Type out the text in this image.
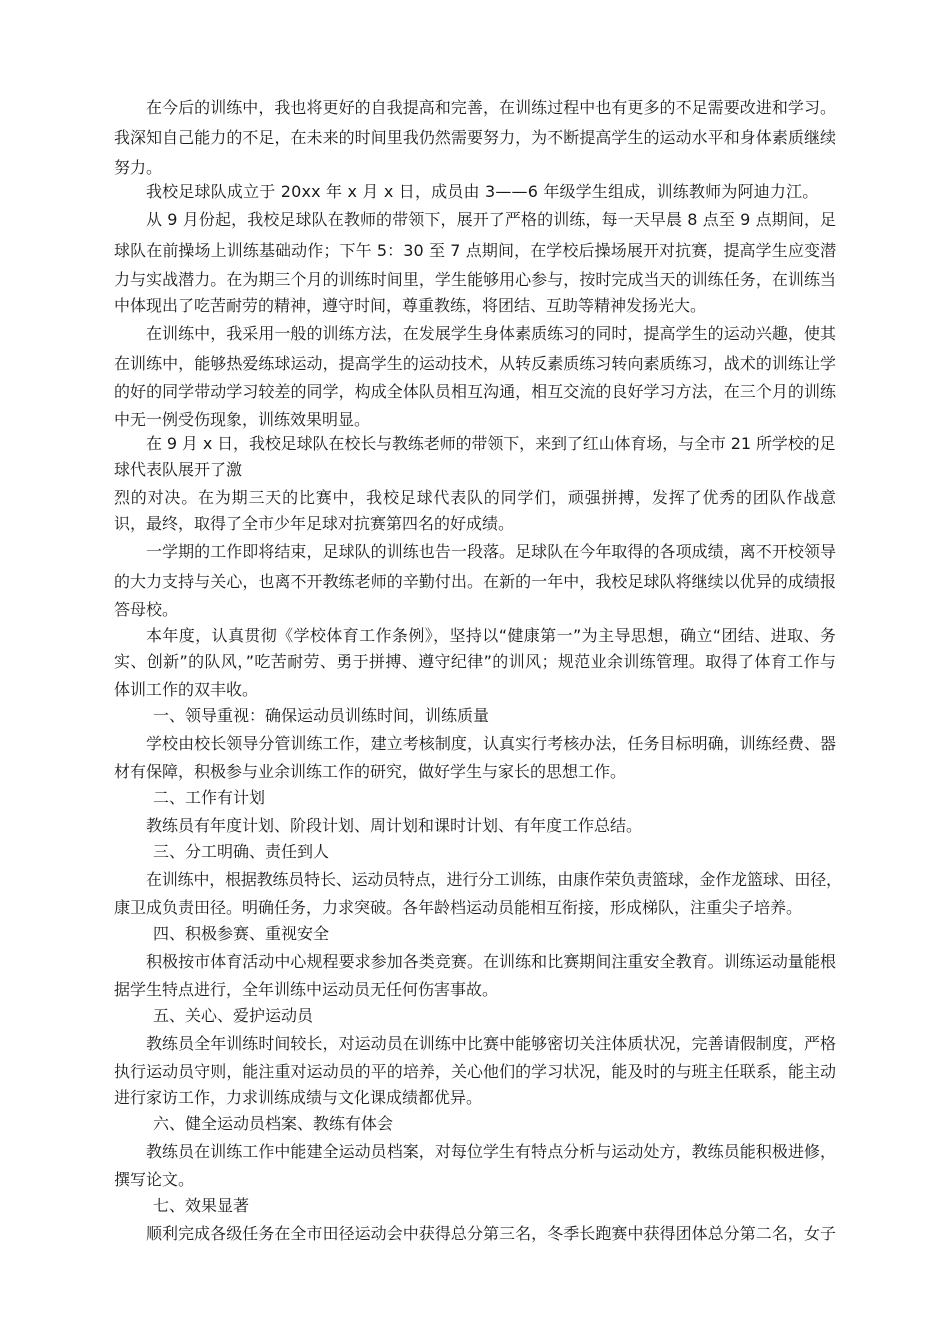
在今后的训练中，我也将更好的自我提高和完善，在训练过程中也有更多的不足需要改进和学习。
我深知自己能力的不足，在未来的时间里我仍然需要努力，为不断提高学生的运动水平和身体素质继续
努力。
我校足球队成立于 20xx 年 x 月 x 日，成员由 3——6 年级学生组成，训练教师为阿迪力江。
从 9 月份起，我校足球队在教师的带领下，展开了严格的训练，每一天早晨 8 点至 9 点期间，足
球队在前操场上训练基础动作；下午 5：30 至 7 点期间，在学校后操场展开对抗赛，提高学生应变潜
力与实战潜力。在为期三个月的训练时间里，学生能够用心参与，按时完成当天的训练任务，在训练当
中体现出了吃苦耐劳的精神，遵守时间，尊重教练，将团结、互助等精神发扬光大。
在训练中，我采用一般的训练方法，在发展学生身体素质练习的同时，提高学生的运动兴趣，使其
在训练中，能够热爱练球运动，提高学生的运动技术，从转反素质练习转向素质练习，战术的训练让学
的好的同学带动学习较差的同学，构成全体队员相互沟通，相互交流的良好学习方法，在三个月的训练
中无一例受伤现象，训练效果明显。
在 9 月 x 日，我校足球队在校长与教练老师的带领下，来到了红山体育场，与全市 21 所学校的足
球代表队展开了激
烈的对决。在为期三天的比赛中，我校足球代表队的同学们，顽强拼搏，发挥了优秀的团队作战意
识，最终，取得了全市少年足球对抗赛第四名的好成绩。
一学期的工作即将结束，足球队的训练也告一段落。足球队在今年取得的各项成绩，离不开校领导
的大力支持与关心，也离不开教练老师的辛勤付出。在新的一年中，我校足球队将继续以优异的成绩报
答母校。
本年度，认真贯彻《学校体育工作条例》，坚持以“健康第一”为主导思想，确立“团结、进取、务
实、创新”的队风，”吃苦耐劳、勇于拼搏、遵守纪律”的训风；规范业余训练管理。取得了体育工作与
体训工作的双丰收。
一、领导重视：确保运动员训练时间，训练质量
学校由校长领导分管训练工作，建立考核制度，认真实行考核办法，任务目标明确，训练经费、器
材有保障，积极参与业余训练工作的研究，做好学生与家长的思想工作。
二、工作有计划
教练员有年度计划、阶段计划、周计划和课时计划、有年度工作总结。
三、分工明确、责任到人
在训练中，根据教练员特长、运动员特点，进行分工训练，由康作荣负责篮球，金作龙篮球、田径，
康卫成负责田径。明确任务，力求突破。各年龄档运动员能相互衔接，形成梯队，注重尖子培养。
四、积极参赛、重视安全
积极按市体育活动中心规程要求参加各类竞赛。在训练和比赛期间注重安全教育。训练运动量能根
据学生特点进行，全年训练中运动员无任何伤害事故。
五、关心、爱护运动员
教练员全年训练时间较长，对运动员在训练中比赛中能够密切关注体质状况，完善请假制度，严格
执行运动员守则，能注重对运动员的平的培养，关心他们的学习状况，能及时的与班主任联系，能主动
进行家访工作，力求训练成绩与文化课成绩都优异。
六、健全运动员档案、教练有体会
教练员在训练工作中能建全运动员档案，对每位学生有特点分析与运动处方，教练员能积极进修，
撰写论文。
七、效果显著
顺利完成各级任务在全市田径运动会中获得总分第三名，冬季长跑赛中获得团体总分第二名，女子
